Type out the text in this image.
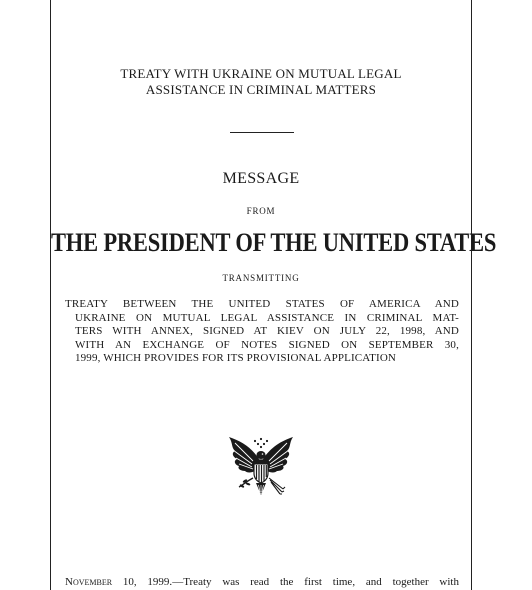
TREATY WITH UKRAINE ON MUTUAL LEGAL
ASSISTANCE IN CRIMINAL MATTERS
MESSAGE
FROM
THE PRESIDENT OF THE UNITED STATES
TRANSMITTING
TREATY BETWEEN THE UNITED STATES OF AMERICA AND
UKRAINE ON MUTUAL LEGAL ASSISTANCE IN CRIMINAL MAT-
TERS WITH ANNEX, SIGNED AT KIEV ON JULY 22, 1998, AND
WITH AN EXCHANGE OF NOTES SIGNED ON SEPTEMBER 30,
1999, WHICH PROVIDES FOR ITS PROVISIONAL APPLICATION
November 10, 1999.—Treaty was read the first time, and together with
